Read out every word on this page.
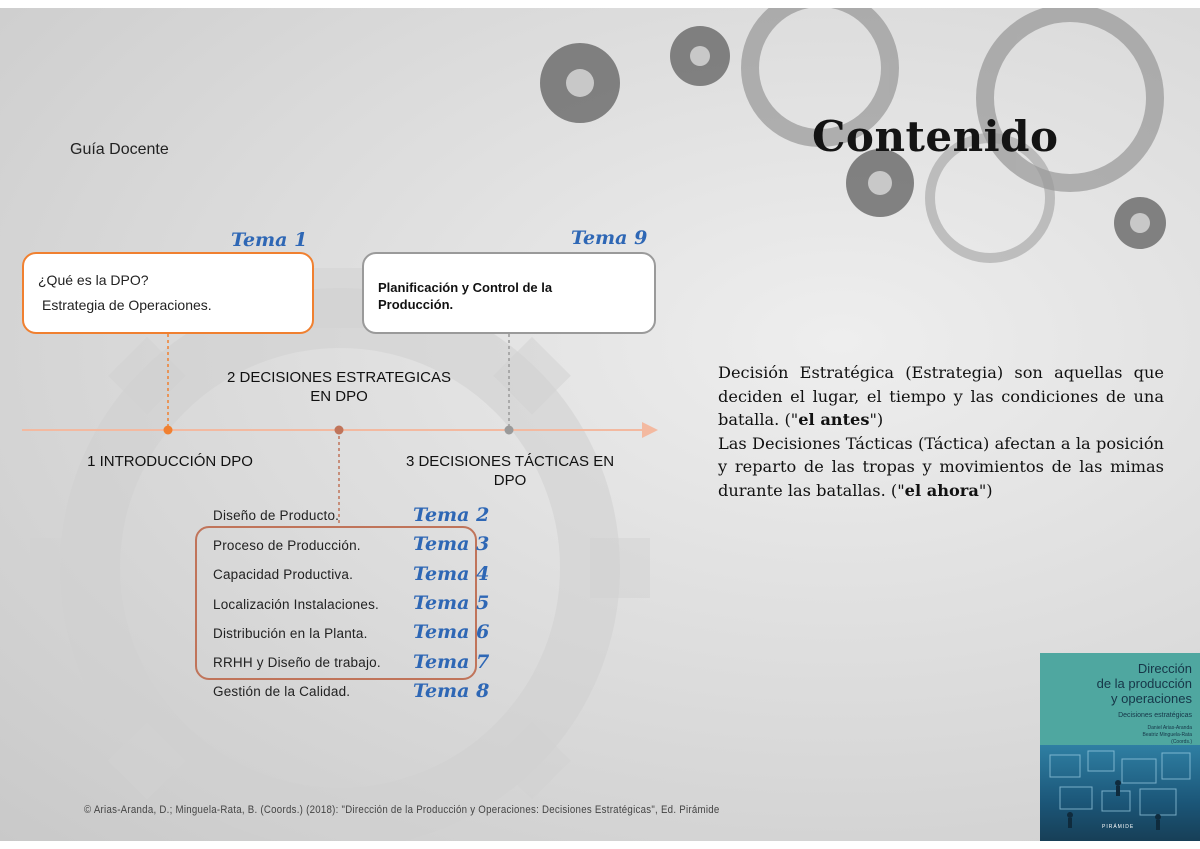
Guía Docente	Contenido
Tema 1
¿Qué es la DPO?
Estrategia de Operaciones.
Tema 9
Planificación y Control de la Producción.
2 DECISIONES ESTRATEGICAS
EN DPO
1 INTRODUCCIÓN DPO	3 DECISIONES TÁCTICAS EN
DPO
Diseño de Producto.
Proceso de Producción.
Capacidad Productiva.
Localización Instalaciones.
Distribución en la Planta.
RRHH y Diseño de trabajo.
Gestión de la Calidad.
Tema 2
Tema 3
Tema 4
Tema 5
Tema 6
Tema 7
Tema 8

Decisión Estratégica (Estrategia) son aquellas que deciden el lugar, el tiempo y las condiciones de una batalla. ("el antes")

Las Decisiones Tácticas (Táctica) afectan a la posición y reparto de las tropas y movimientos de las mimas durante las batallas. ("el ahora")

© Arias-Aranda, D.; Minguela-Rata, B. (Coords.) (2018): "Dirección de la Producción y Operaciones: Decisiones Estratégicas", Ed. Pirámide
Dirección
de la producción
y operaciones
Decisiones estratégicas
Daniel Arias-Aranda
Beatriz Minguela-Rata
(Coords.)
PIRÁMIDE
